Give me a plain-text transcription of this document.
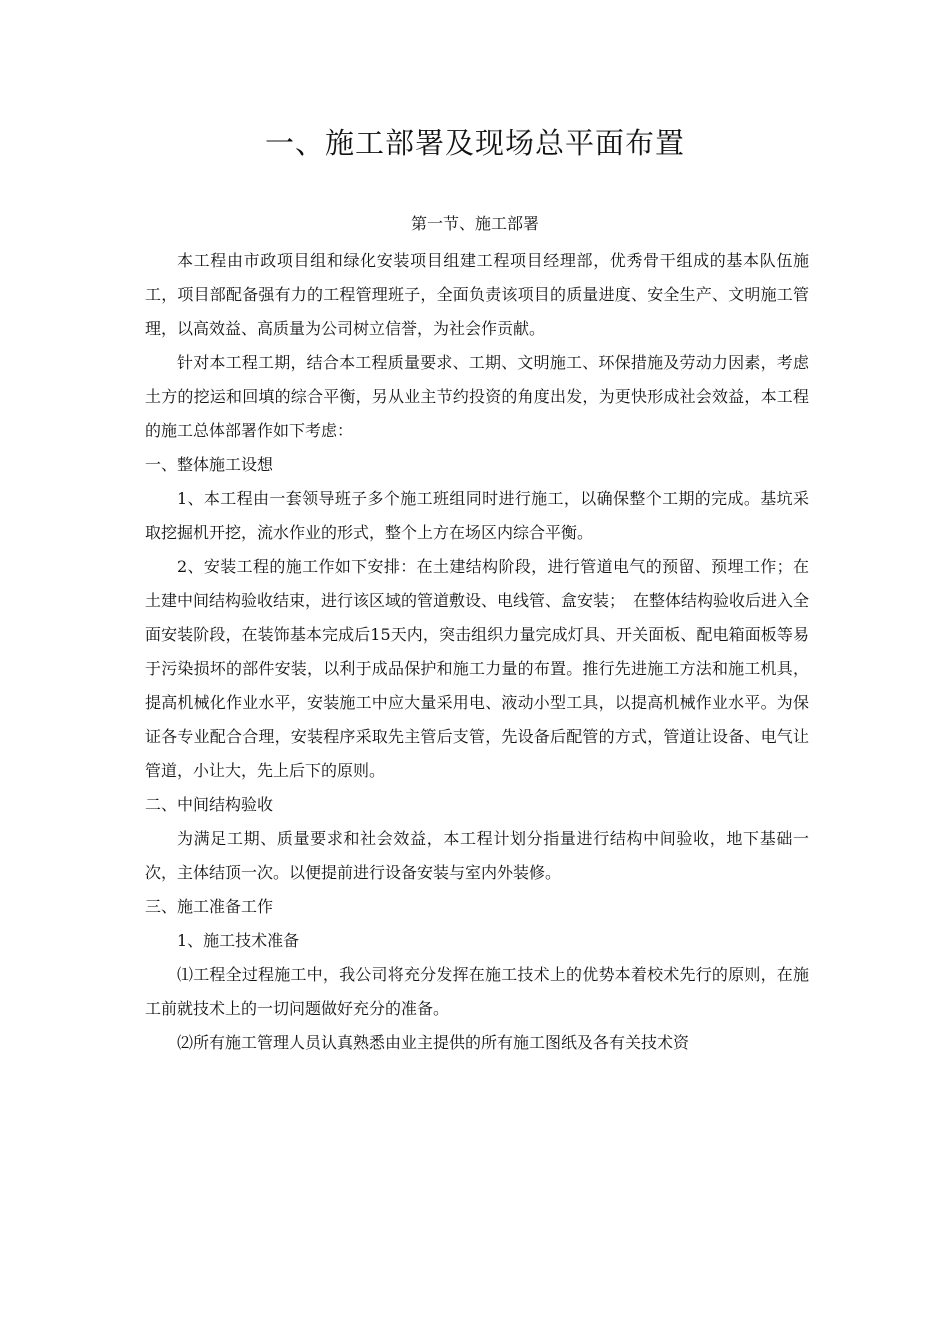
一、施工部署及现场总平面布置
第一节、施工部署

本工程由市政项目组和绿化安装项目组建工程项目经理部，优秀骨干组成的基本队伍施工，项目部配备强有力的工程管理班子，全面负责该项目的质量进度、安全生产、文明施工管理，以高效益、高质量为公司树立信誉，为社会作贡献。

针对本工程工期，结合本工程质量要求、工期、文明施工、环保措施及劳动力因素，考虑土方的挖运和回填的综合平衡，另从业主节约投资的角度出发，为更快形成社会效益，本工程的施工总体部署作如下考虑：

一、整体施工设想

1、本工程由一套领导班子多个施工班组同时进行施工，以确保整个工期的完成。基坑采取挖掘机开挖，流水作业的形式，整个上方在场区内综合平衡。

2、安装工程的施工作如下安排：在土建结构阶段，进行管道电气的预留、预埋工作；在土建中间结构验收结束，进行该区域的管道敷设、电线管、盒安装；　在整体结构验收后进入全面安装阶段，在装饰基本完成后15天内，突击组织力量完成灯具、开关面板、配电箱面板等易于污染损坏的部件安装，以利于成品保护和施工力量的布置。推行先进施工方法和施工机具，提高机械化作业水平，安装施工中应大量采用电、液动小型工具，以提高机械作业水平。为保证各专业配合合理，安装程序采取先主管后支管，先设备后配管的方式，管道让设备、电气让管道，小让大，先上后下的原则。

二、中间结构验收

为满足工期、质量要求和社会效益，本工程计划分指量进行结构中间验收，地下基础一次，主体结顶一次。以便提前进行设备安装与室内外装修。

三、施工准备工作

1、施工技术准备

⑴工程全过程施工中，我公司将充分发挥在施工技术上的优势本着校术先行的原则，在施工前就技术上的一切问题做好充分的准备。

⑵所有施工管理人员认真熟悉由业主提供的所有施工图纸及各有关技术资
